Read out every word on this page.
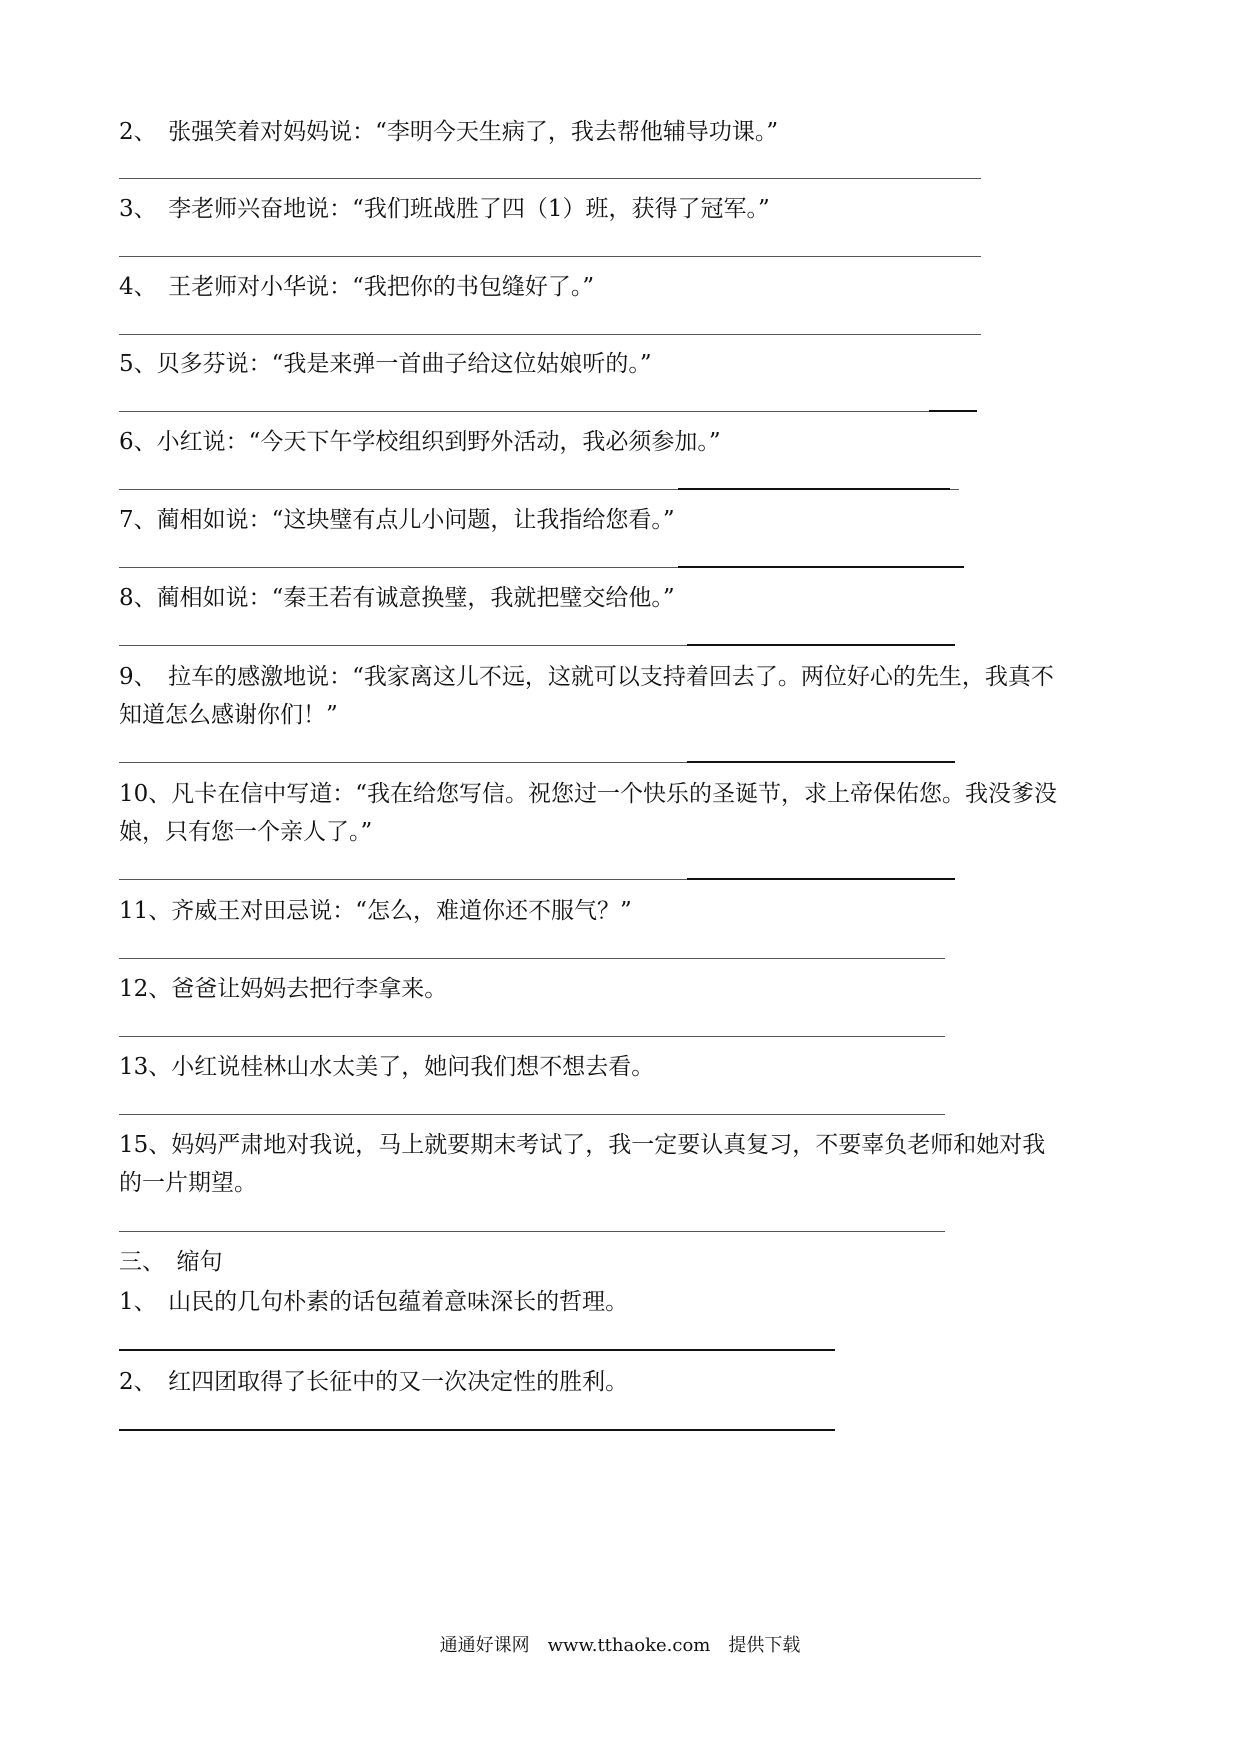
2、　张强笑着对妈妈说：“李明今天生病了，我去帮他辅导功课。”
3、　李老师兴奋地说：“我们班战胜了四（1）班，获得了冠军。”
4、　王老师对小华说：“我把你的书包缝好了。”
5、贝多芬说：“我是来弹一首曲子给这位姑娘听的。”
6、小红说：“今天下午学校组织到野外活动，我必须参加。”
7、蔺相如说：“这块璧有点儿小问题，让我指给您看。”
8、蔺相如说：“秦王若有诚意换璧，我就把璧交给他。”
9、　拉车的感激地说：“我家离这儿不远，这就可以支持着回去了。两位好心的先生，我真不
知道怎么感谢你们！”
10、凡卡在信中写道：“我在给您写信。祝您过一个快乐的圣诞节，求上帝保佑您。我没爹没
娘，只有您一个亲人了。”
11、齐威王对田忌说：“怎么，难道你还不服气？”
12、爸爸让妈妈去把行李拿来。
13、小红说桂林山水太美了，她问我们想不想去看。
15、妈妈严肃地对我说，马上就要期末考试了，我一定要认真复习，不要辜负老师和她对我
的一片期望。
三、　缩句
1、　山民的几句朴素的话包蕴着意味深长的哲理。
2、　红四团取得了长征中的又一次决定性的胜利。
通通好课网　www.tthaoke.com　提供下载
